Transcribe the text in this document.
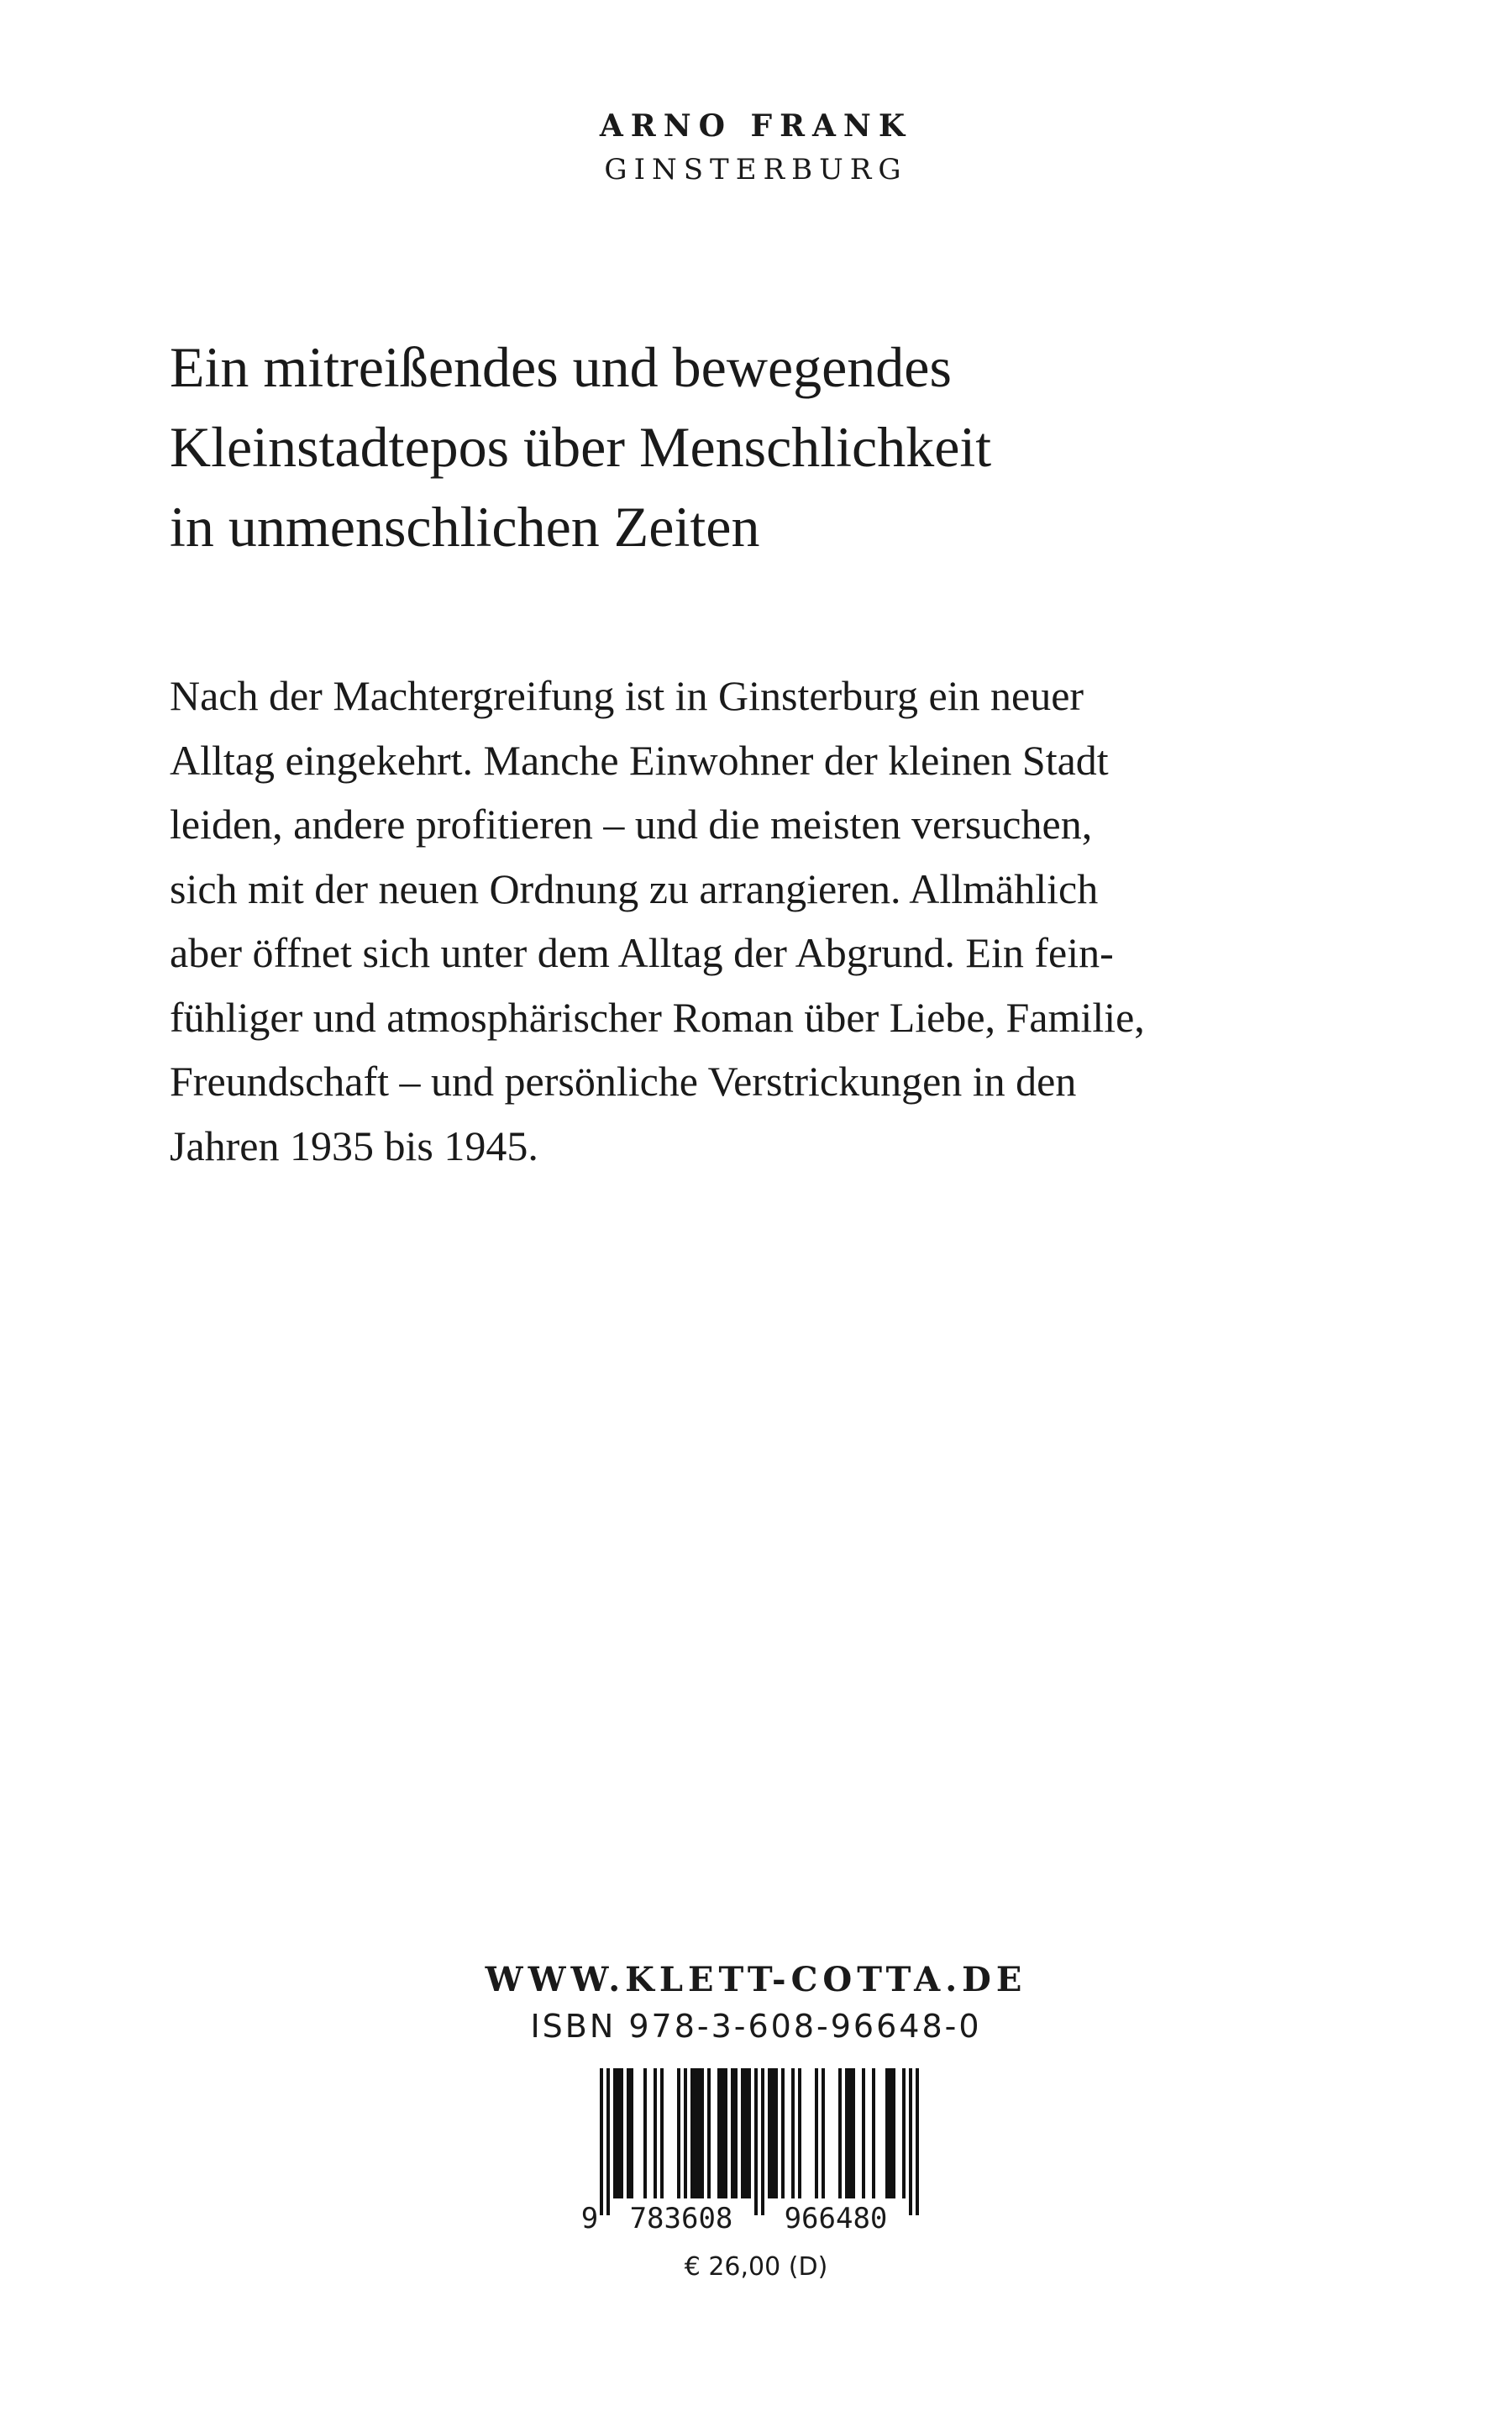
ARNO FRANK
GINSTERBURG
Ein mitreißendes und bewegendes
Kleinstadtepos über Menschlichkeit
in unmenschlichen Zeiten

Nach der Machtergreifung ist in Ginsterburg ein neuer
Alltag eingekehrt. Manche Einwohner der kleinen Stadt
leiden, andere profitieren – und die meisten versuchen,
sich mit der neuen Ordnung zu arrangieren. Allmählich
aber öffnet sich unter dem Alltag der Abgrund. Ein fein-
fühliger und atmosphärischer Roman über Liebe, Familie,
Freundschaft – und persönliche Verstrickungen in den
Jahren 1935 bis 1945.

WWW.KLETT-COTTA.DE
ISBN 978-3-608-96648-0
9 783608 966480
€ 26,00 (D)
